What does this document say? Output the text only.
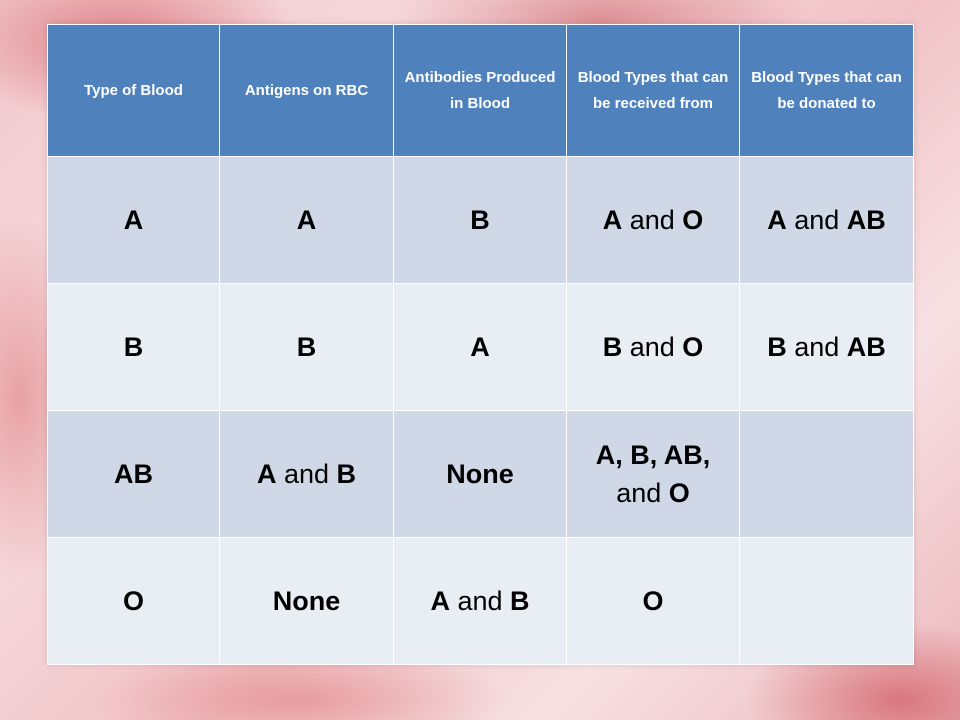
Type of Blood	Antigens on RBC	Antibodies Produced in Blood	Blood Types that can be received from	Blood Types that can be donated to
A	A	B	A and O	A and AB
B	B	A	B and O	B and AB
AB	A and B	None	A, B, AB,
and O	
O	None	A and B	O	
